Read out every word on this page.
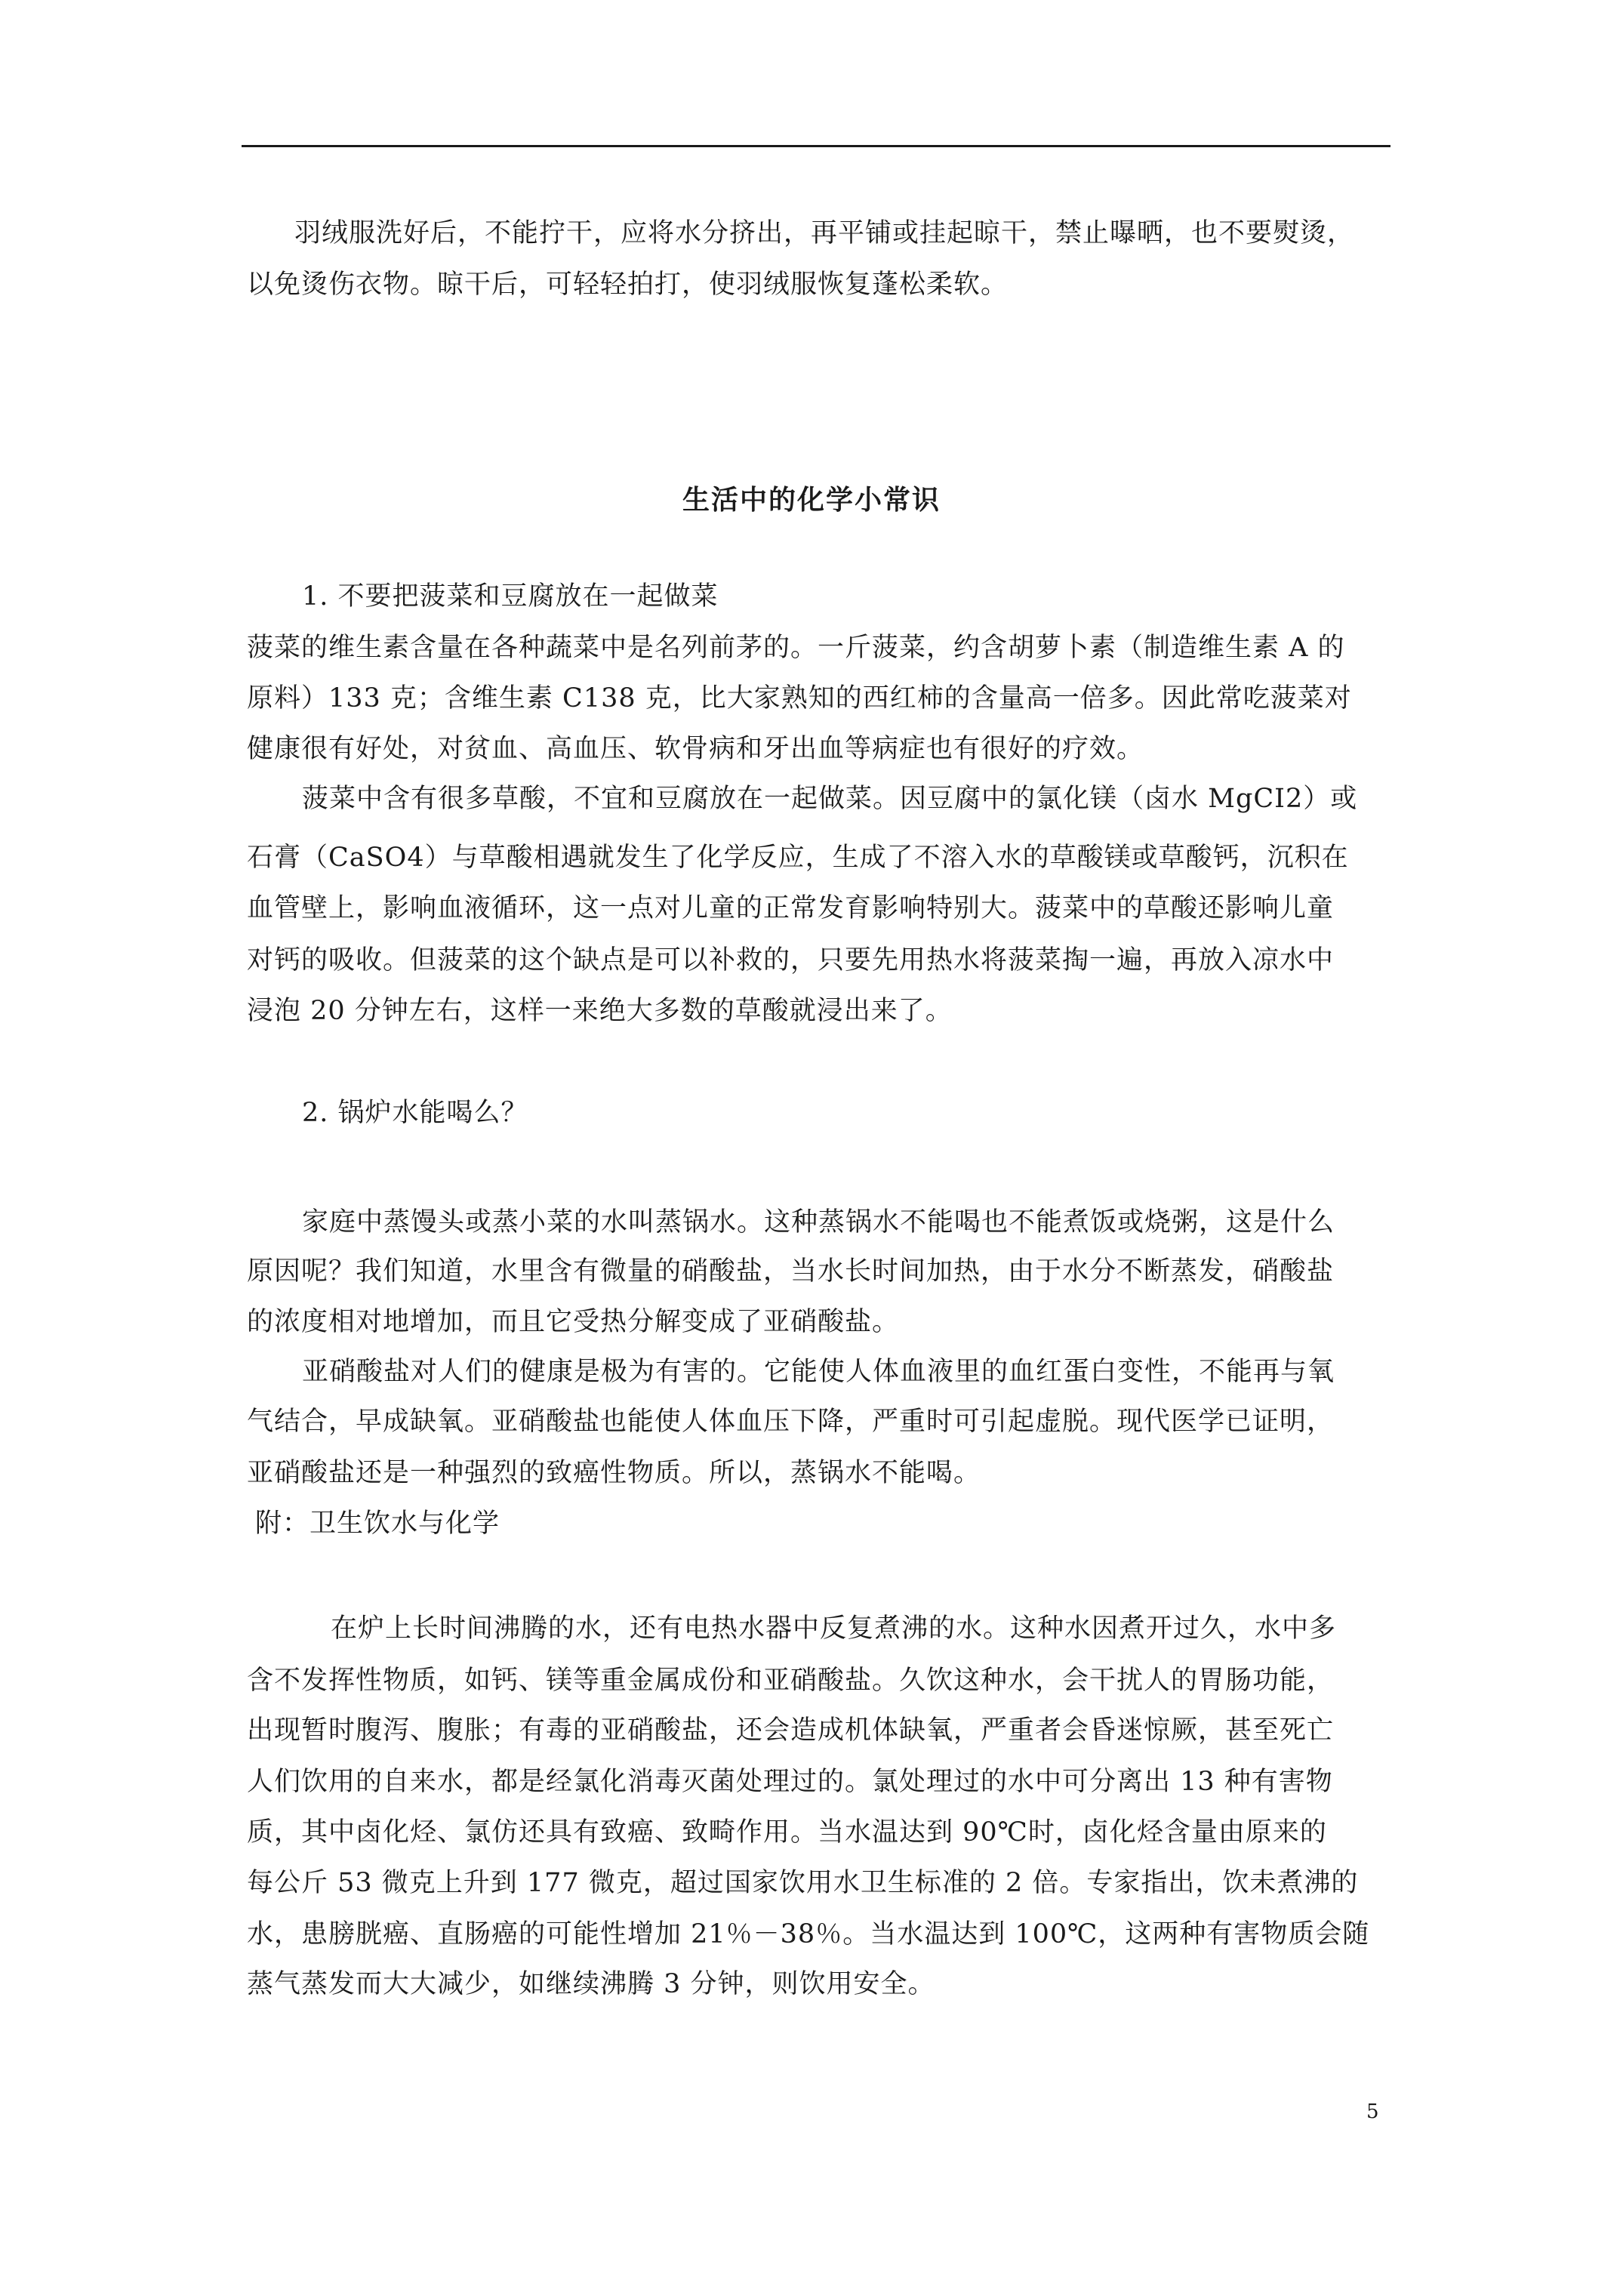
羽绒服洗好后，不能拧干，应将水分挤出，再平铺或挂起晾干，禁止曝晒，也不要熨烫，
以免烫伤衣物。晾干后，可轻轻拍打，使羽绒服恢复蓬松柔软。
生活中的化学小常识
1. 不要把菠菜和豆腐放在一起做菜
菠菜的维生素含量在各种蔬菜中是名列前茅的。一斤菠菜，约含胡萝卜素（制造维生素 A 的
原料）133 克；含维生素 C138 克，比大家熟知的西红柿的含量高一倍多。因此常吃菠菜对
健康很有好处，对贫血、高血压、软骨病和牙出血等病症也有很好的疗效。
菠菜中含有很多草酸，不宜和豆腐放在一起做菜。因豆腐中的氯化镁（卤水 MgCI2）或
石膏（CaSO4）与草酸相遇就发生了化学反应，生成了不溶入水的草酸镁或草酸钙，沉积在
血管壁上，影响血液循环，这一点对儿童的正常发育影响特别大。菠菜中的草酸还影响儿童
对钙的吸收。但菠菜的这个缺点是可以补救的，只要先用热水将菠菜掏一遍，再放入凉水中
浸泡 20 分钟左右，这样一来绝大多数的草酸就浸出来了。
2. 锅炉水能喝么？
家庭中蒸馒头或蒸小菜的水叫蒸锅水。这种蒸锅水不能喝也不能煮饭或烧粥，这是什么
原因呢？我们知道，水里含有微量的硝酸盐，当水长时间加热，由于水分不断蒸发，硝酸盐
的浓度相对地增加，而且它受热分解变成了亚硝酸盐。
亚硝酸盐对人们的健康是极为有害的。它能使人体血液里的血红蛋白变性，不能再与氧
气结合，早成缺氧。亚硝酸盐也能使人体血压下降，严重时可引起虚脱。现代医学已证明，
亚硝酸盐还是一种强烈的致癌性物质。所以，蒸锅水不能喝。
附：卫生饮水与化学
在炉上长时间沸腾的水，还有电热水器中反复煮沸的水。这种水因煮开过久，水中多
含不发挥性物质，如钙、镁等重金属成份和亚硝酸盐。久饮这种水，会干扰人的胃肠功能，
出现暂时腹泻、腹胀；有毒的亚硝酸盐，还会造成机体缺氧，严重者会昏迷惊厥，甚至死亡
人们饮用的自来水，都是经氯化消毒灭菌处理过的。氯处理过的水中可分离出 13 种有害物
质，其中卤化烃、氯仿还具有致癌、致畸作用。当水温达到 90℃时，卤化烃含量由原来的
每公斤 53 微克上升到 177 微克，超过国家饮用水卫生标准的 2 倍。专家指出，饮未煮沸的
水，患膀胱癌、直肠癌的可能性增加 21％－38％。当水温达到 100℃，这两种有害物质会随
蒸气蒸发而大大减少，如继续沸腾 3 分钟，则饮用安全。
5
